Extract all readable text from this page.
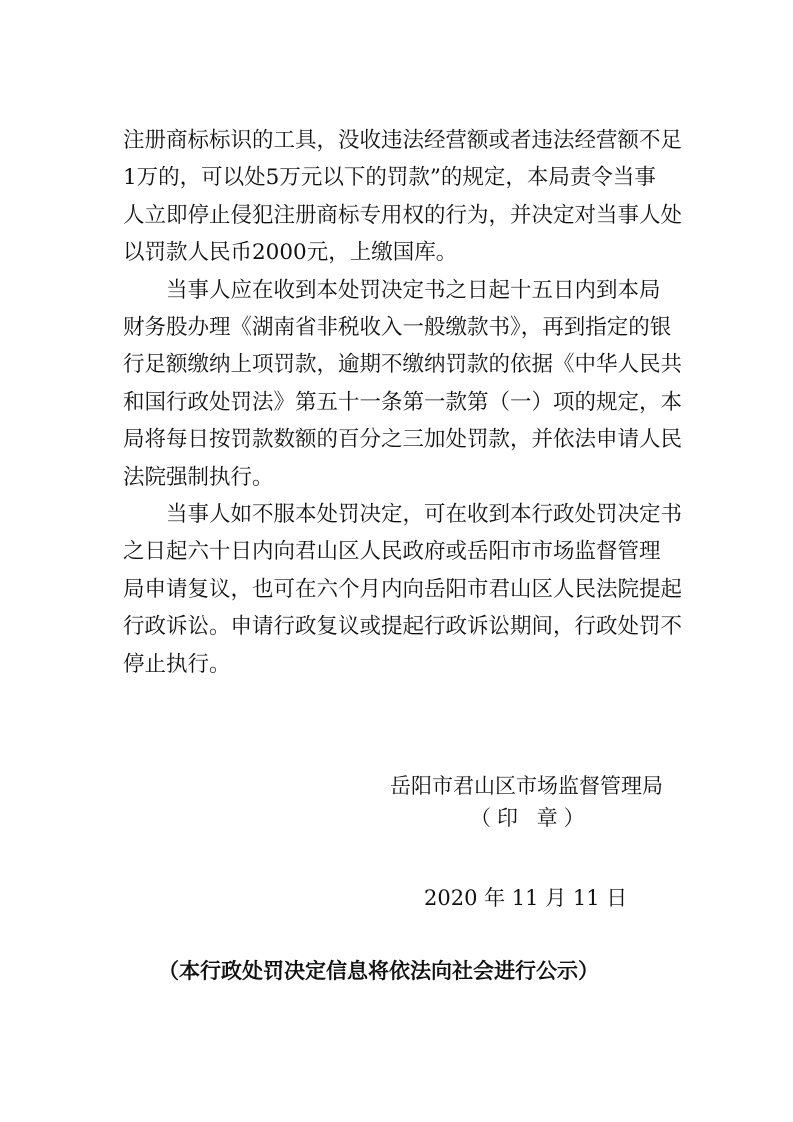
注册商标标识的工具，没收违法经营额或者违法经营额不足
1万的，可以处5万元以下的罚款”的规定，本局责令当事
人立即停止侵犯注册商标专用权的行为，并决定对当事人处
以罚款人民币2000元，上缴国库。
　　当事人应在收到本处罚决定书之日起十五日内到本局
财务股办理《湖南省非税收入一般缴款书》，再到指定的银
行足额缴纳上项罚款，逾期不缴纳罚款的依据《中华人民共
和国行政处罚法》第五十一条第一款第（一）项的规定，本
局将每日按罚款数额的百分之三加处罚款，并依法申请人民
法院强制执行。
　　当事人如不服本处罚决定，可在收到本行政处罚决定书
之日起六十日内向君山区人民政府或岳阳市市场监督管理
局申请复议，也可在六个月内向岳阳市君山区人民法院提起
行政诉讼。申请行政复议或提起行政诉讼期间，行政处罚不
停止执行。
岳阳市君山区市场监督管理局
（印 章）
2020 年 11 月 11 日
（本行政处罚决定信息将依法向社会进行公示）
